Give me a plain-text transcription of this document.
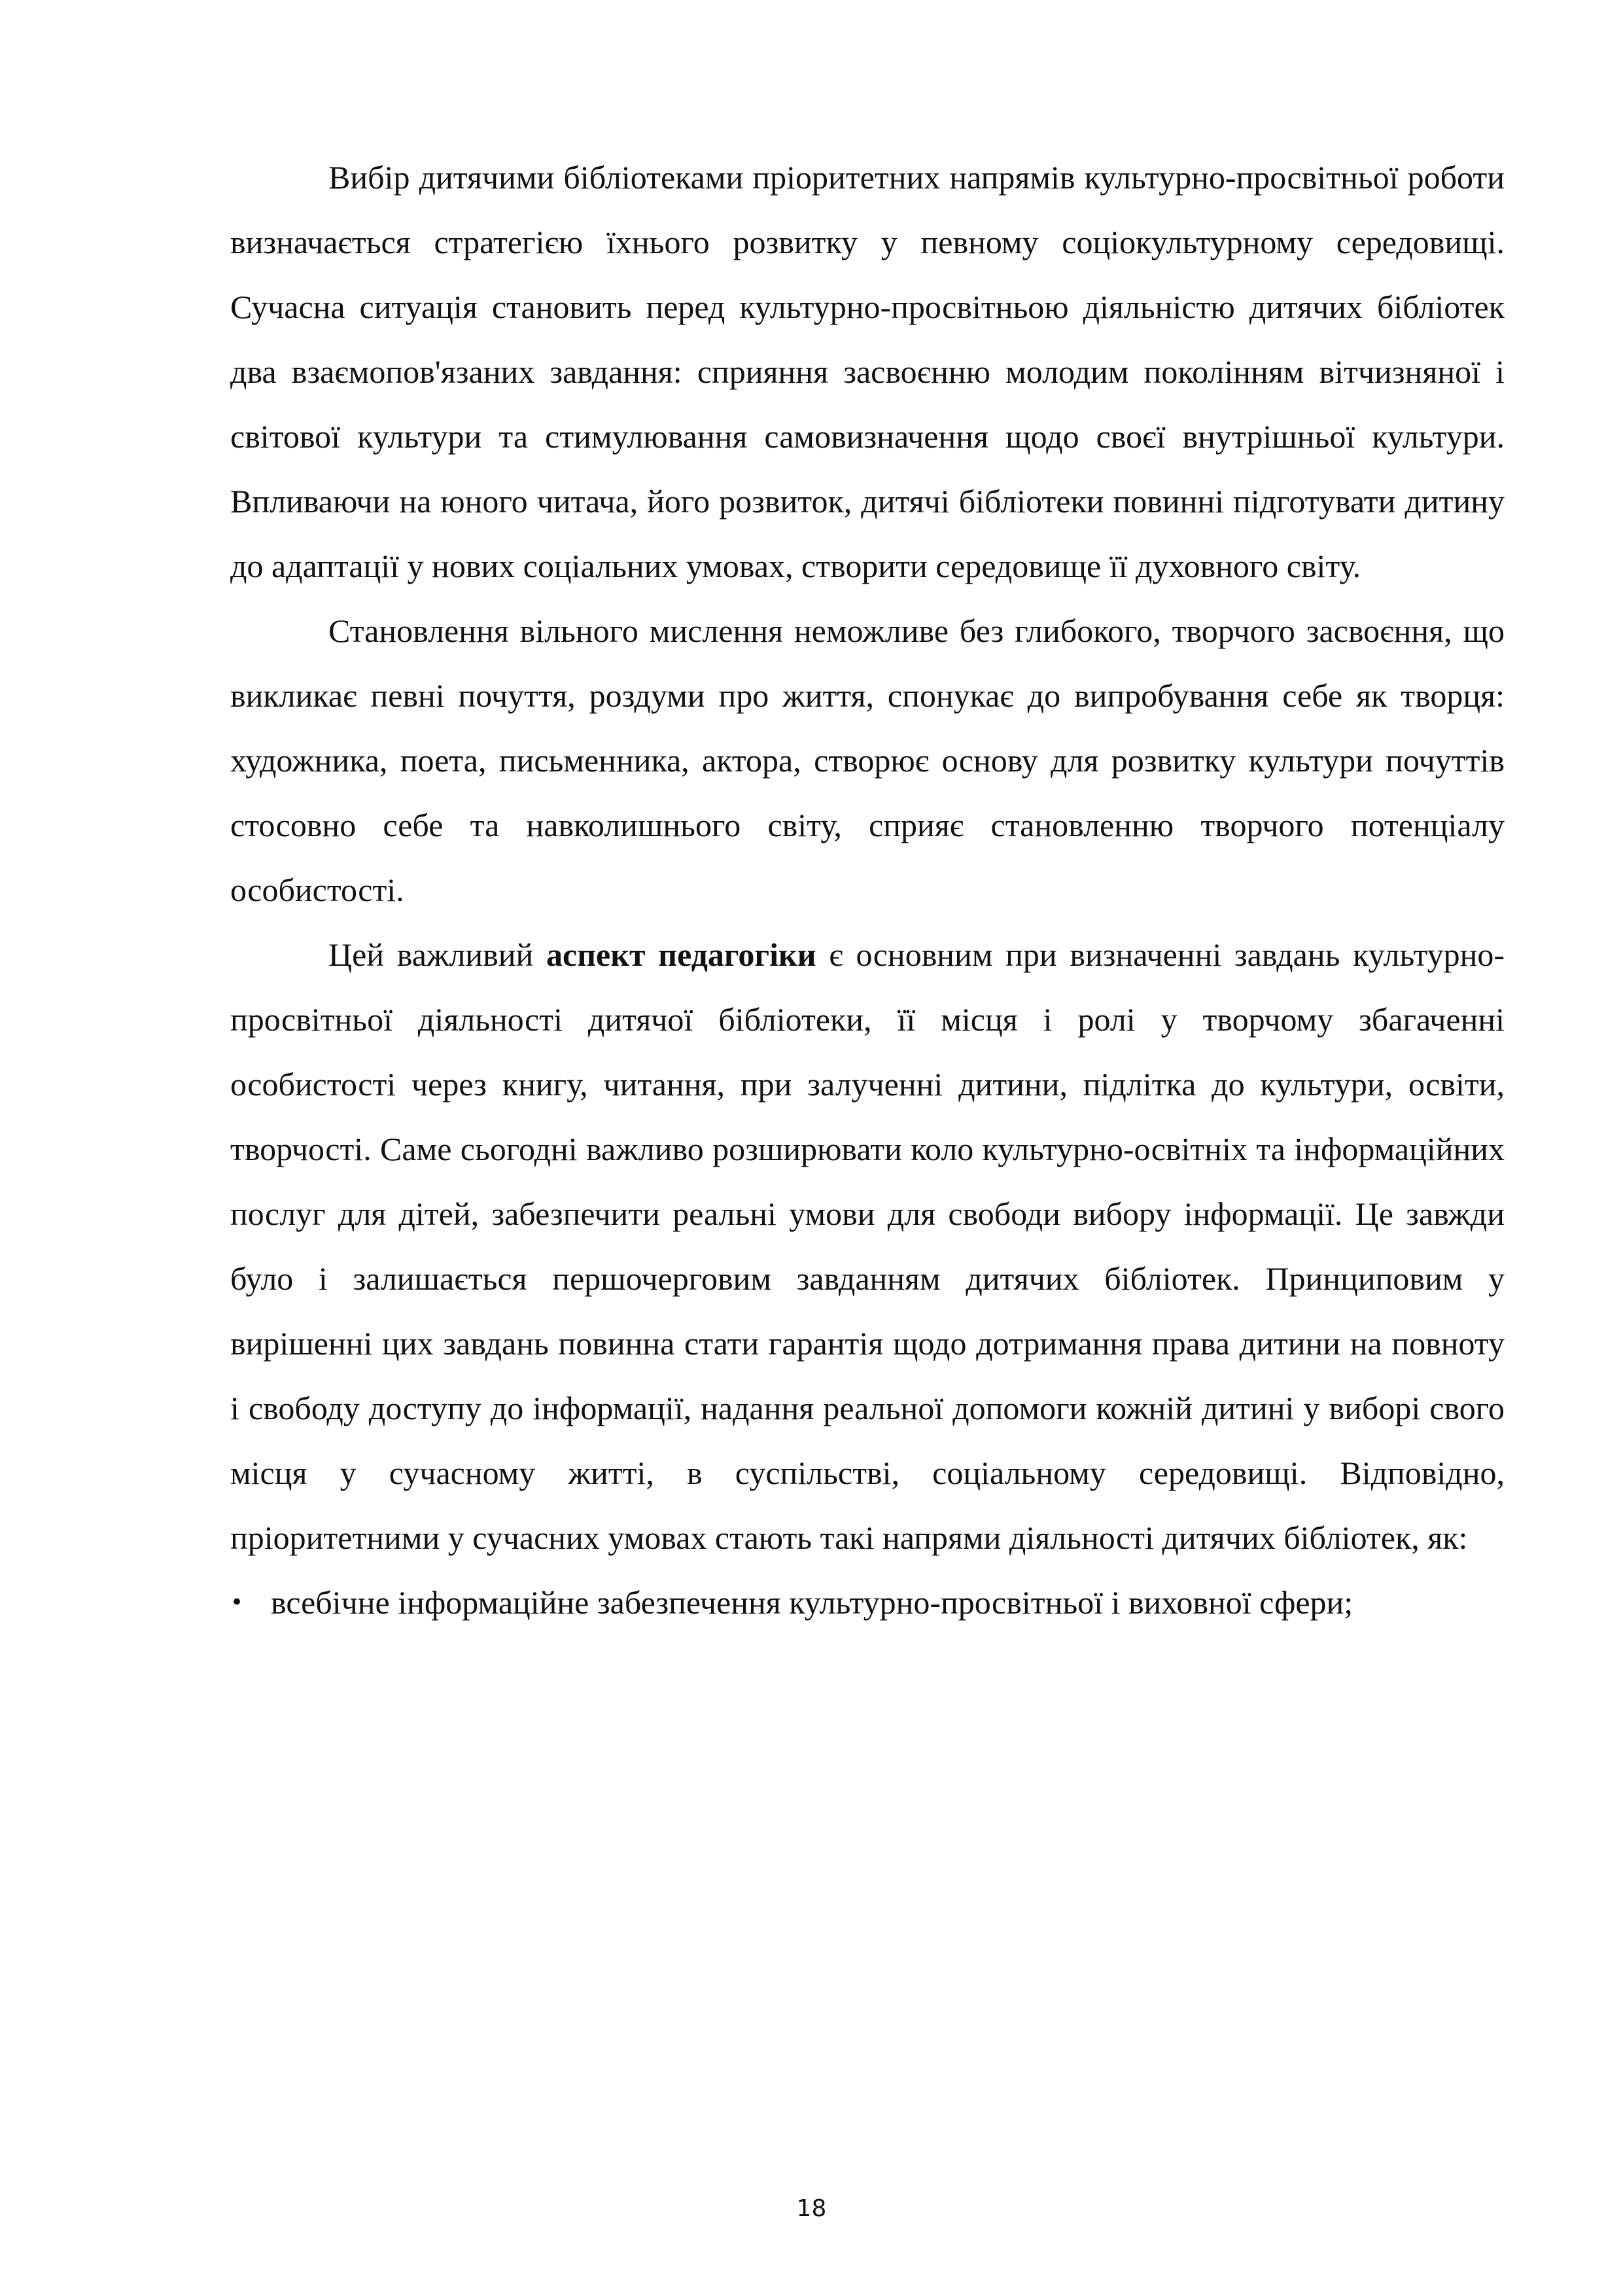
Вибір дитячими бібліотеками пріоритетних напрямів культурно-просвітньої роботи визначається стратегією їхнього розвитку у певному соціокультурному середовищі. Сучасна ситуація становить перед культурно-просвітньою діяльністю дитячих бібліотек два взаємопов'язаних завдання: сприяння засвоєнню молодим поколінням вітчизняної і світової культури та стимулювання самовизначення щодо своєї внутрішньої культури. Впливаючи на юного читача, його розвиток, дитячі бібліотеки повинні підготувати дитину до адаптації у нових соціальних умовах, створити середовище її духовного світу.

Становлення вільного мислення неможливе без глибокого, творчого засвоєння, що викликає певні почуття, роздуми про життя, спонукає до випробування себе як творця: художника, поета, письменника, актора, створює основу для розвитку культури почуттів стосовно себе та навколишнього світу, сприяє становленню творчого потенціалу особистості.

Цей важливий аспект педагогіки є основним при визначенні завдань культурно-просвітньої діяльності дитячої бібліотеки, її місця і ролі у творчому збагаченні особистості через книгу, читання, при залученні дитини, підлітка до культури, освіти, творчості. Саме сьогодні важливо розширювати коло культурно-освітніх та інформаційних послуг для дітей, забезпечити реальні умови для свободи вибору інформації. Це завжди було і залишається першочерговим завданням дитячих бібліотек. Принциповим у вирішенні цих завдань повинна стати гарантія щодо дотримання права дитини на повноту і свободу доступу до інформації, надання реальної допомоги кожній дитині у виборі свого місця у сучасному житті, в суспільстві, соціальному середовищі. Відповідно, пріоритетними у сучасних умовах стають такі напрями діяльності дитячих бібліотек, як:

• всебічне інформаційне забезпечення культурно-просвітньої і виховної сфери;
18
